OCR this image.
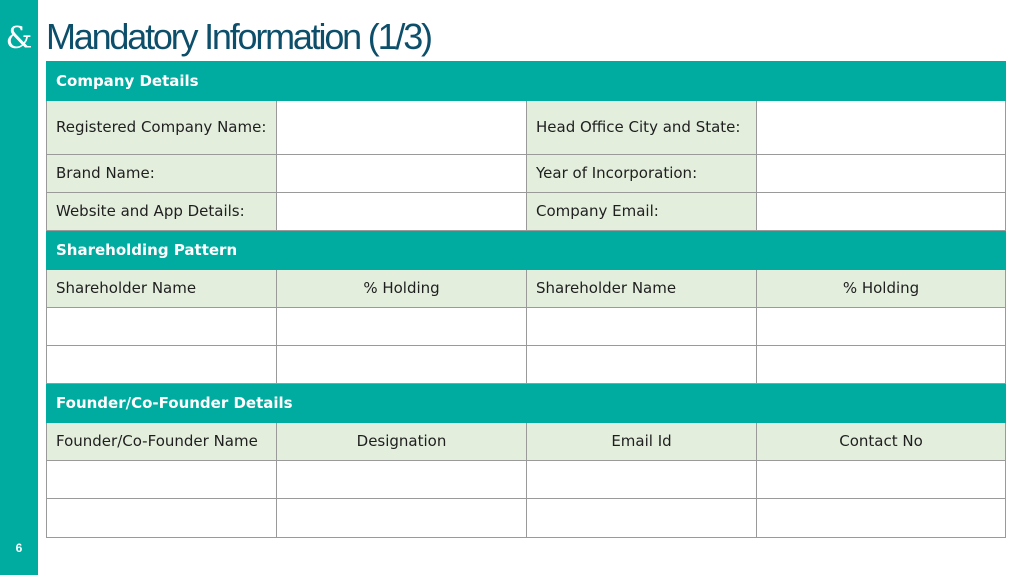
&
6
Mandatory Information (1/3)
Company Details			
Registered Company Name:		Head Office City and State:	
Brand Name:		Year of Incorporation:	
Website and App Details:		Company Email:	
Shareholding Pattern			
Shareholder Name	% Holding	Shareholder Name	% Holding

Founder/Co-Founder Details			
Founder/Co-Founder Name	Designation	Email Id	Contact No
